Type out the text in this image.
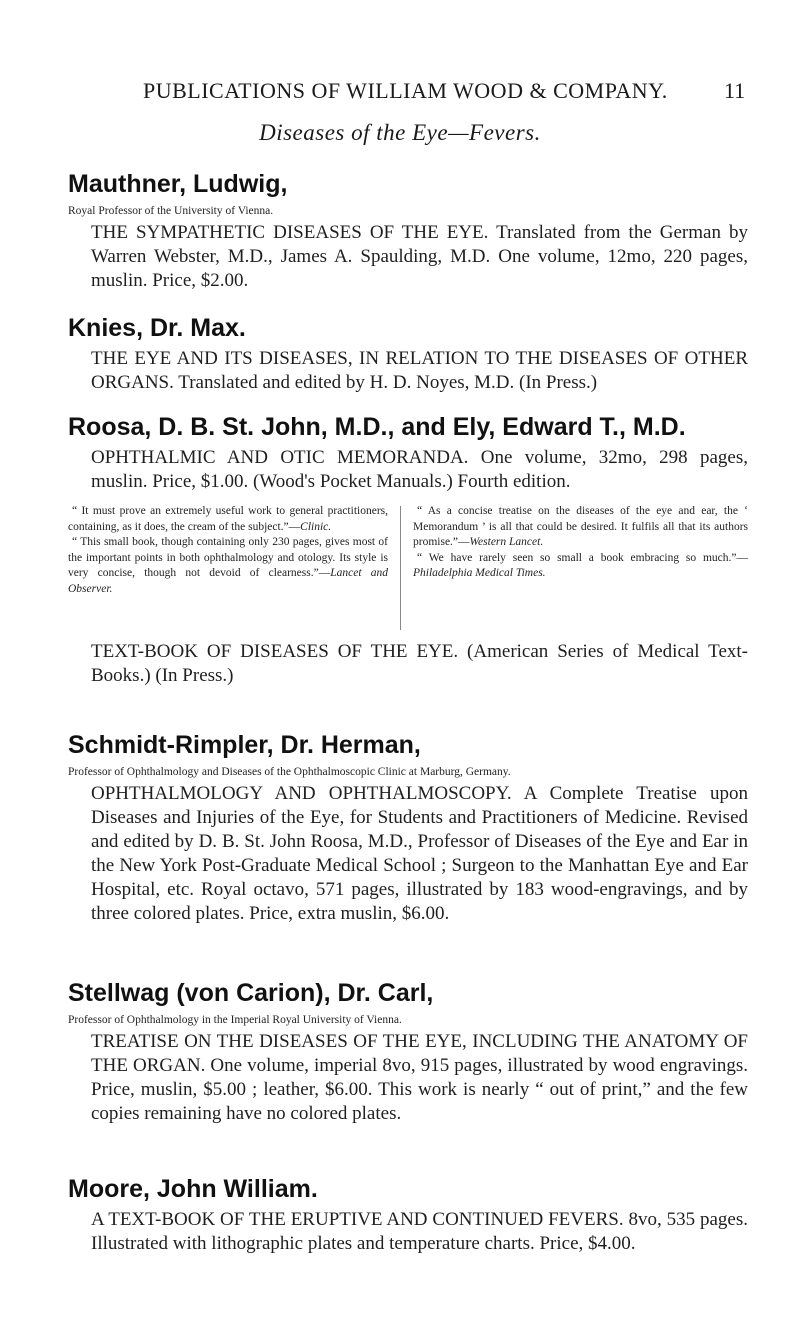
PUBLICATIONS OF WILLIAM WOOD & COMPANY.	11
Diseases of the Eye—Fevers.

Mauthner, Ludwig,

Royal Professor of the University of Vienna.

THE SYMPATHETIC DISEASES OF THE EYE. Translated from the German by Warren Webster, M.D., James A. Spaulding, M.D. One volume, 12mo, 220 pages, muslin. Price, $2.00.

Knies, Dr. Max.

THE EYE AND ITS DISEASES, IN RELATION TO THE DISEASES OF OTHER ORGANS. Translated and edited by H. D. Noyes, M.D. (In Press.)

Roosa, D. B. St. John, M.D., and Ely, Edward T., M.D.

OPHTHALMIC AND OTIC MEMORANDA. One volume, 32mo, 298 pages, muslin. Price, $1.00. (Wood's Pocket Manuals.) Fourth edition.

“ It must prove an extremely useful work to general practitioners, containing, as it does, the cream of the subject.”—Clinic.

“ This small book, though containing only 230 pages, gives most of the important points in both ophthalmology and otology. Its style is very concise, though not devoid of clearness.”—Lancet and Observer.

“ As a concise treatise on the diseases of the eye and ear, the ‘ Memorandum ’ is all that could be desired. It fulfils all that its authors promise.”—Western Lancet.

“ We have rarely seen so small a book embracing so much.”—Philadelphia Medical Times.

TEXT-BOOK OF DISEASES OF THE EYE. (American Series of Medical Text-Books.) (In Press.)

Schmidt-Rimpler, Dr. Herman,

Professor of Ophthalmology and Diseases of the Ophthalmoscopic Clinic at Marburg, Germany.

OPHTHALMOLOGY AND OPHTHALMOSCOPY. A Complete Treatise upon Diseases and Injuries of the Eye, for Students and Practitioners of Medicine. Revised and edited by D. B. St. John Roosa, M.D., Professor of Diseases of the Eye and Ear in the New York Post-Graduate Medical School ; Surgeon to the Manhattan Eye and Ear Hospital, etc. Royal octavo, 571 pages, illustrated by 183 wood-engravings, and by three colored plates. Price, extra muslin, $6.00.

Stellwag (von Carion), Dr. Carl,

Professor of Ophthalmology in the Imperial Royal University of Vienna.

TREATISE ON THE DISEASES OF THE EYE, INCLUDING THE ANATOMY OF THE ORGAN. One volume, imperial 8vo, 915 pages, illustrated by wood engravings. Price, muslin, $5.00 ; leather, $6.00. This work is nearly “ out of print,” and the few copies remaining have no colored plates.

Moore, John William.

A TEXT-BOOK OF THE ERUPTIVE AND CONTINUED FEVERS. 8vo, 535 pages. Illustrated with lithographic plates and temperature charts. Price, $4.00.
